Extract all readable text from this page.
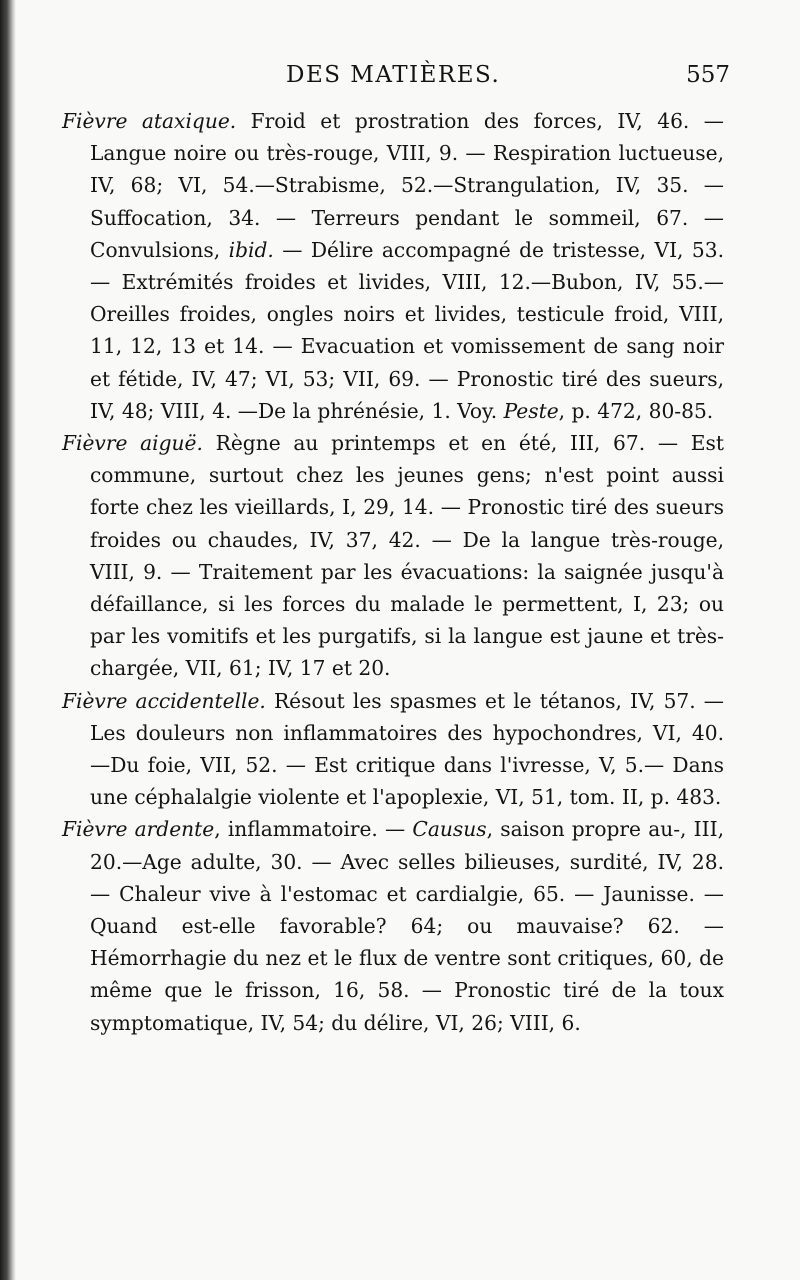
DES MATIÈRES.	557

Fièvre ataxique. Froid et prostration des forces, IV, 46. — Langue noire ou très-rouge, VIII, 9. — Respiration luctueuse, IV, 68; VI, 54.—Strabisme, 52.—Strangulation, IV, 35. — Suffocation, 34. — Terreurs pendant le sommeil, 67. — Convulsions, ibid. — Délire accompagné de tristesse, VI, 53. — Extrémités froides et livides, VIII, 12.—Bubon, IV, 55.—Oreilles froides, ongles noirs et livides, testicule froid, VIII, 11, 12, 13 et 14. — Evacuation et vomissement de sang noir et fétide, IV, 47; VI, 53; VII, 69. — Pronostic tiré des sueurs, IV, 48; VIII, 4. —De la phrénésie, 1. Voy. Peste, p. 472, 80-85.

Fièvre aiguë. Règne au printemps et en été, III, 67. — Est commune, surtout chez les jeunes gens; n'est point aussi forte chez les vieillards, I, 29, 14. — Pronostic tiré des sueurs froides ou chaudes, IV, 37, 42. — De la langue très-rouge, VIII, 9. — Traitement par les évacuations: la saignée jusqu'à défaillance, si les forces du malade le permettent, I, 23; ou par les vomitifs et les purgatifs, si la langue est jaune et très-chargée, VII, 61; IV, 17 et 20.

Fièvre accidentelle. Résout les spasmes et le tétanos, IV, 57. — Les douleurs non inflammatoires des hypochondres, VI, 40. —Du foie, VII, 52. — Est critique dans l'ivresse, V, 5.— Dans une céphalalgie violente et l'apoplexie, VI, 51, tom. II, p. 483.

Fièvre ardente, inflammatoire. — Causus, saison propre au-, III, 20.—Age adulte, 30. — Avec selles bilieuses, surdité, IV, 28. — Chaleur vive à l'estomac et cardialgie, 65. — Jaunisse. — Quand est-elle favorable? 64; ou mauvaise? 62. — Hémorrhagie du nez et le flux de ventre sont critiques, 60, de même que le frisson, 16, 58. — Pronostic tiré de la toux symptomatique, IV, 54; du délire, VI, 26; VIII, 6.
